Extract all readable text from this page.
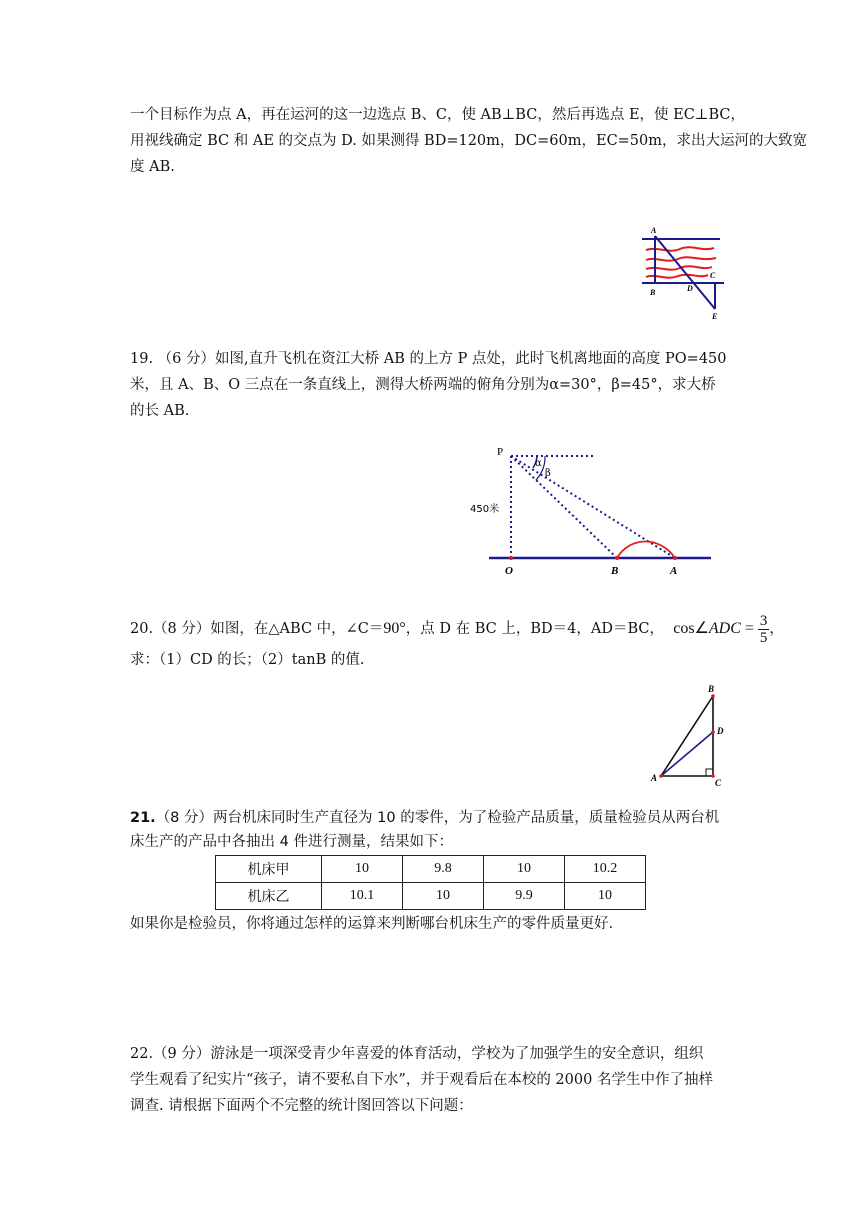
一个目标作为点 A，再在运河的这一边选点 B、C，使 AB⊥BC，然后再选点 E，使 EC⊥BC，
用视线确定 BC 和 AE 的交点为 D. 如果测得 BD=120m，DC=60m，EC=50m，求出大运河的大致宽
度 AB.
A
B
C
D
E
19. （6 分）如图,直升飞机在资江大桥 AB 的上方 P 点处，此时飞机离地面的高度 PO=450
米，且 A、B、O 三点在一条直线上，测得大桥两端的俯角分别为α=30°，β=45°，求大桥
的长 AB.
P
α
β
450米
O	B	A
20.（8 分）如图，在△ABC 中，∠C＝90°，点 D 在 BC 上，BD＝4，AD＝BC， cos∠ADC = $\frac{3}{5}$ ，
求：（1）CD 的长；（2）tanB 的值.
B
D
A	C
21.（8 分）两台机床同时生产直径为 10 的零件，为了检验产品质量，质量检验员从两台机
床生产的产品中各抽出 4 件进行测量，结果如下：
机床甲	10	9.8	10	10.2
机床乙	10.1	10	9.9	10
如果你是检验员，你将通过怎样的运算来判断哪台机床生产的零件质量更好.
22.（9 分）游泳是一项深受青少年喜爱的体育活动，学校为了加强学生的安全意识，组织
学生观看了纪实片“孩子，请不要私自下水”，并于观看后在本校的 2000 名学生中作了抽样
调查. 请根据下面两个不完整的统计图回答以下问题：
